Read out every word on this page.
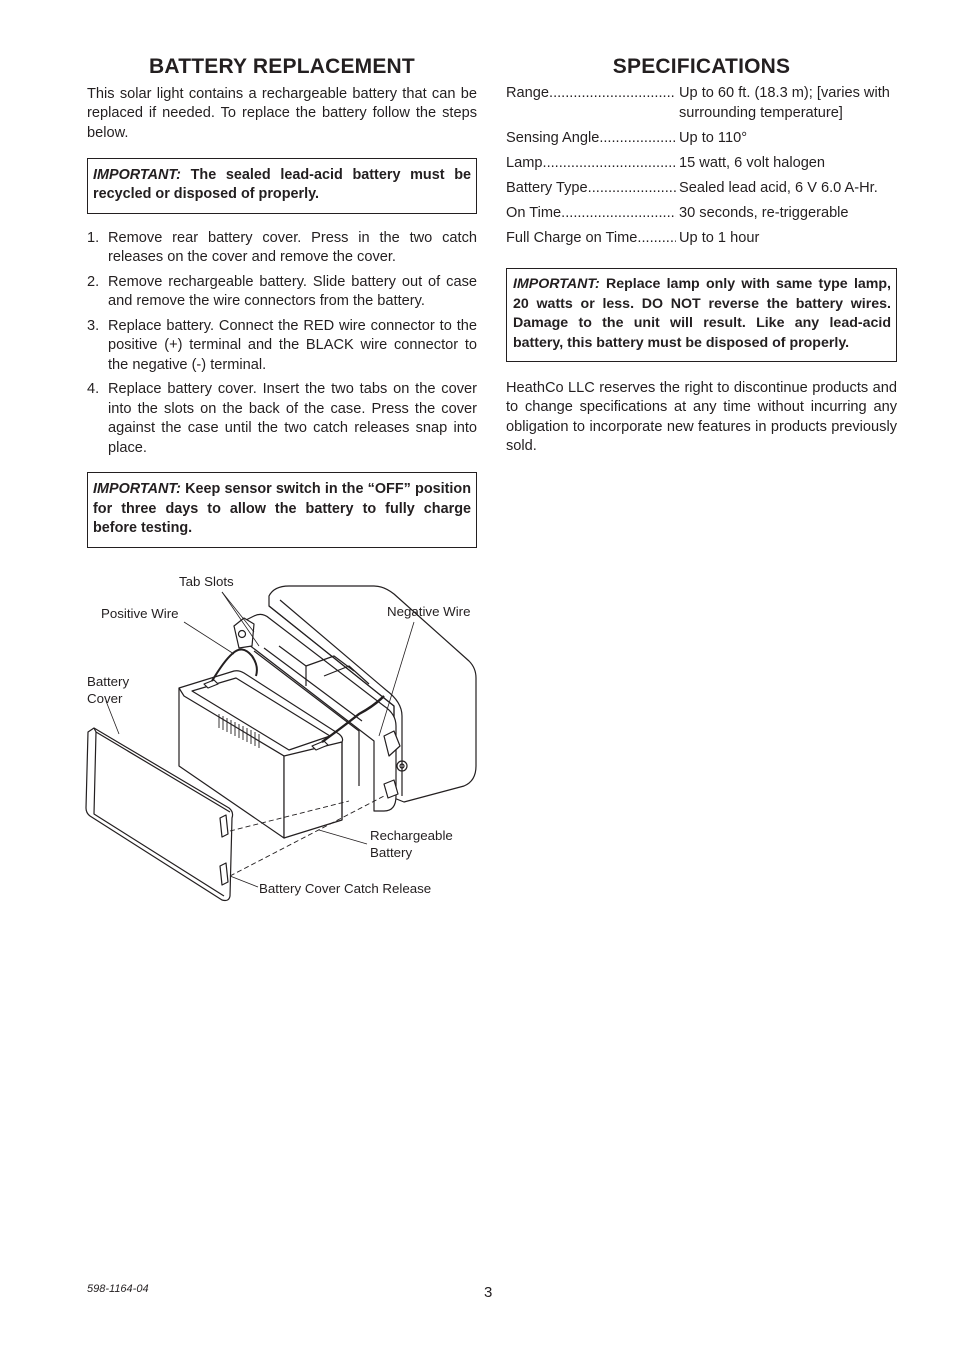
BATTERY REPLACEMENT

This solar light contains a rechargeable battery that can be replaced if needed. To replace the battery follow the steps below.

IMPORTANT: The sealed lead-acid battery must be recycled or disposed of properly.
1. Remove rear battery cover. Press in the two catch releases on the cover and remove the cover.
2. Remove rechargeable battery. Slide battery out of case and remove the wire connectors from the battery.
3. Replace battery. Connect the RED wire connector to the positive (+) terminal and the BLACK wire connector to the negative (-) terminal.
4. Replace battery cover. Insert the two tabs on the cover into the slots on the back of the case. Press the cover against the case until the two catch releases snap into place.
IMPORTANT: Keep sensor switch in the “OFF” position for three days to allow the battery to fully charge before testing.
Tab Slots
Positive Wire	Negative Wire
Battery
Cover
Rechargeable
Battery
Battery Cover Catch Release
SPECIFICATIONS
Range .....	Up to 60 ft. (18.3 m); [varies with surrounding temperature]
Sensing Angle .....	Up to 110°
Lamp .....	15 watt, 6 volt halogen
Battery Type .....	Sealed lead acid, 6 V 6.0 A-Hr.
On Time .....	30 seconds, re-triggerable
Full Charge on Time .....	Up to 1 hour
IMPORTANT: Replace lamp only with same type lamp, 20 watts or less. DO NOT reverse the battery wires. Damage to the unit will result. Like any lead-acid battery, this battery must be disposed of properly.

HeathCo LLC reserves the right to discontinue products and to change specifications at any time without incurring any obligation to incorporate new features in products previously sold.

598-1164-04	3
